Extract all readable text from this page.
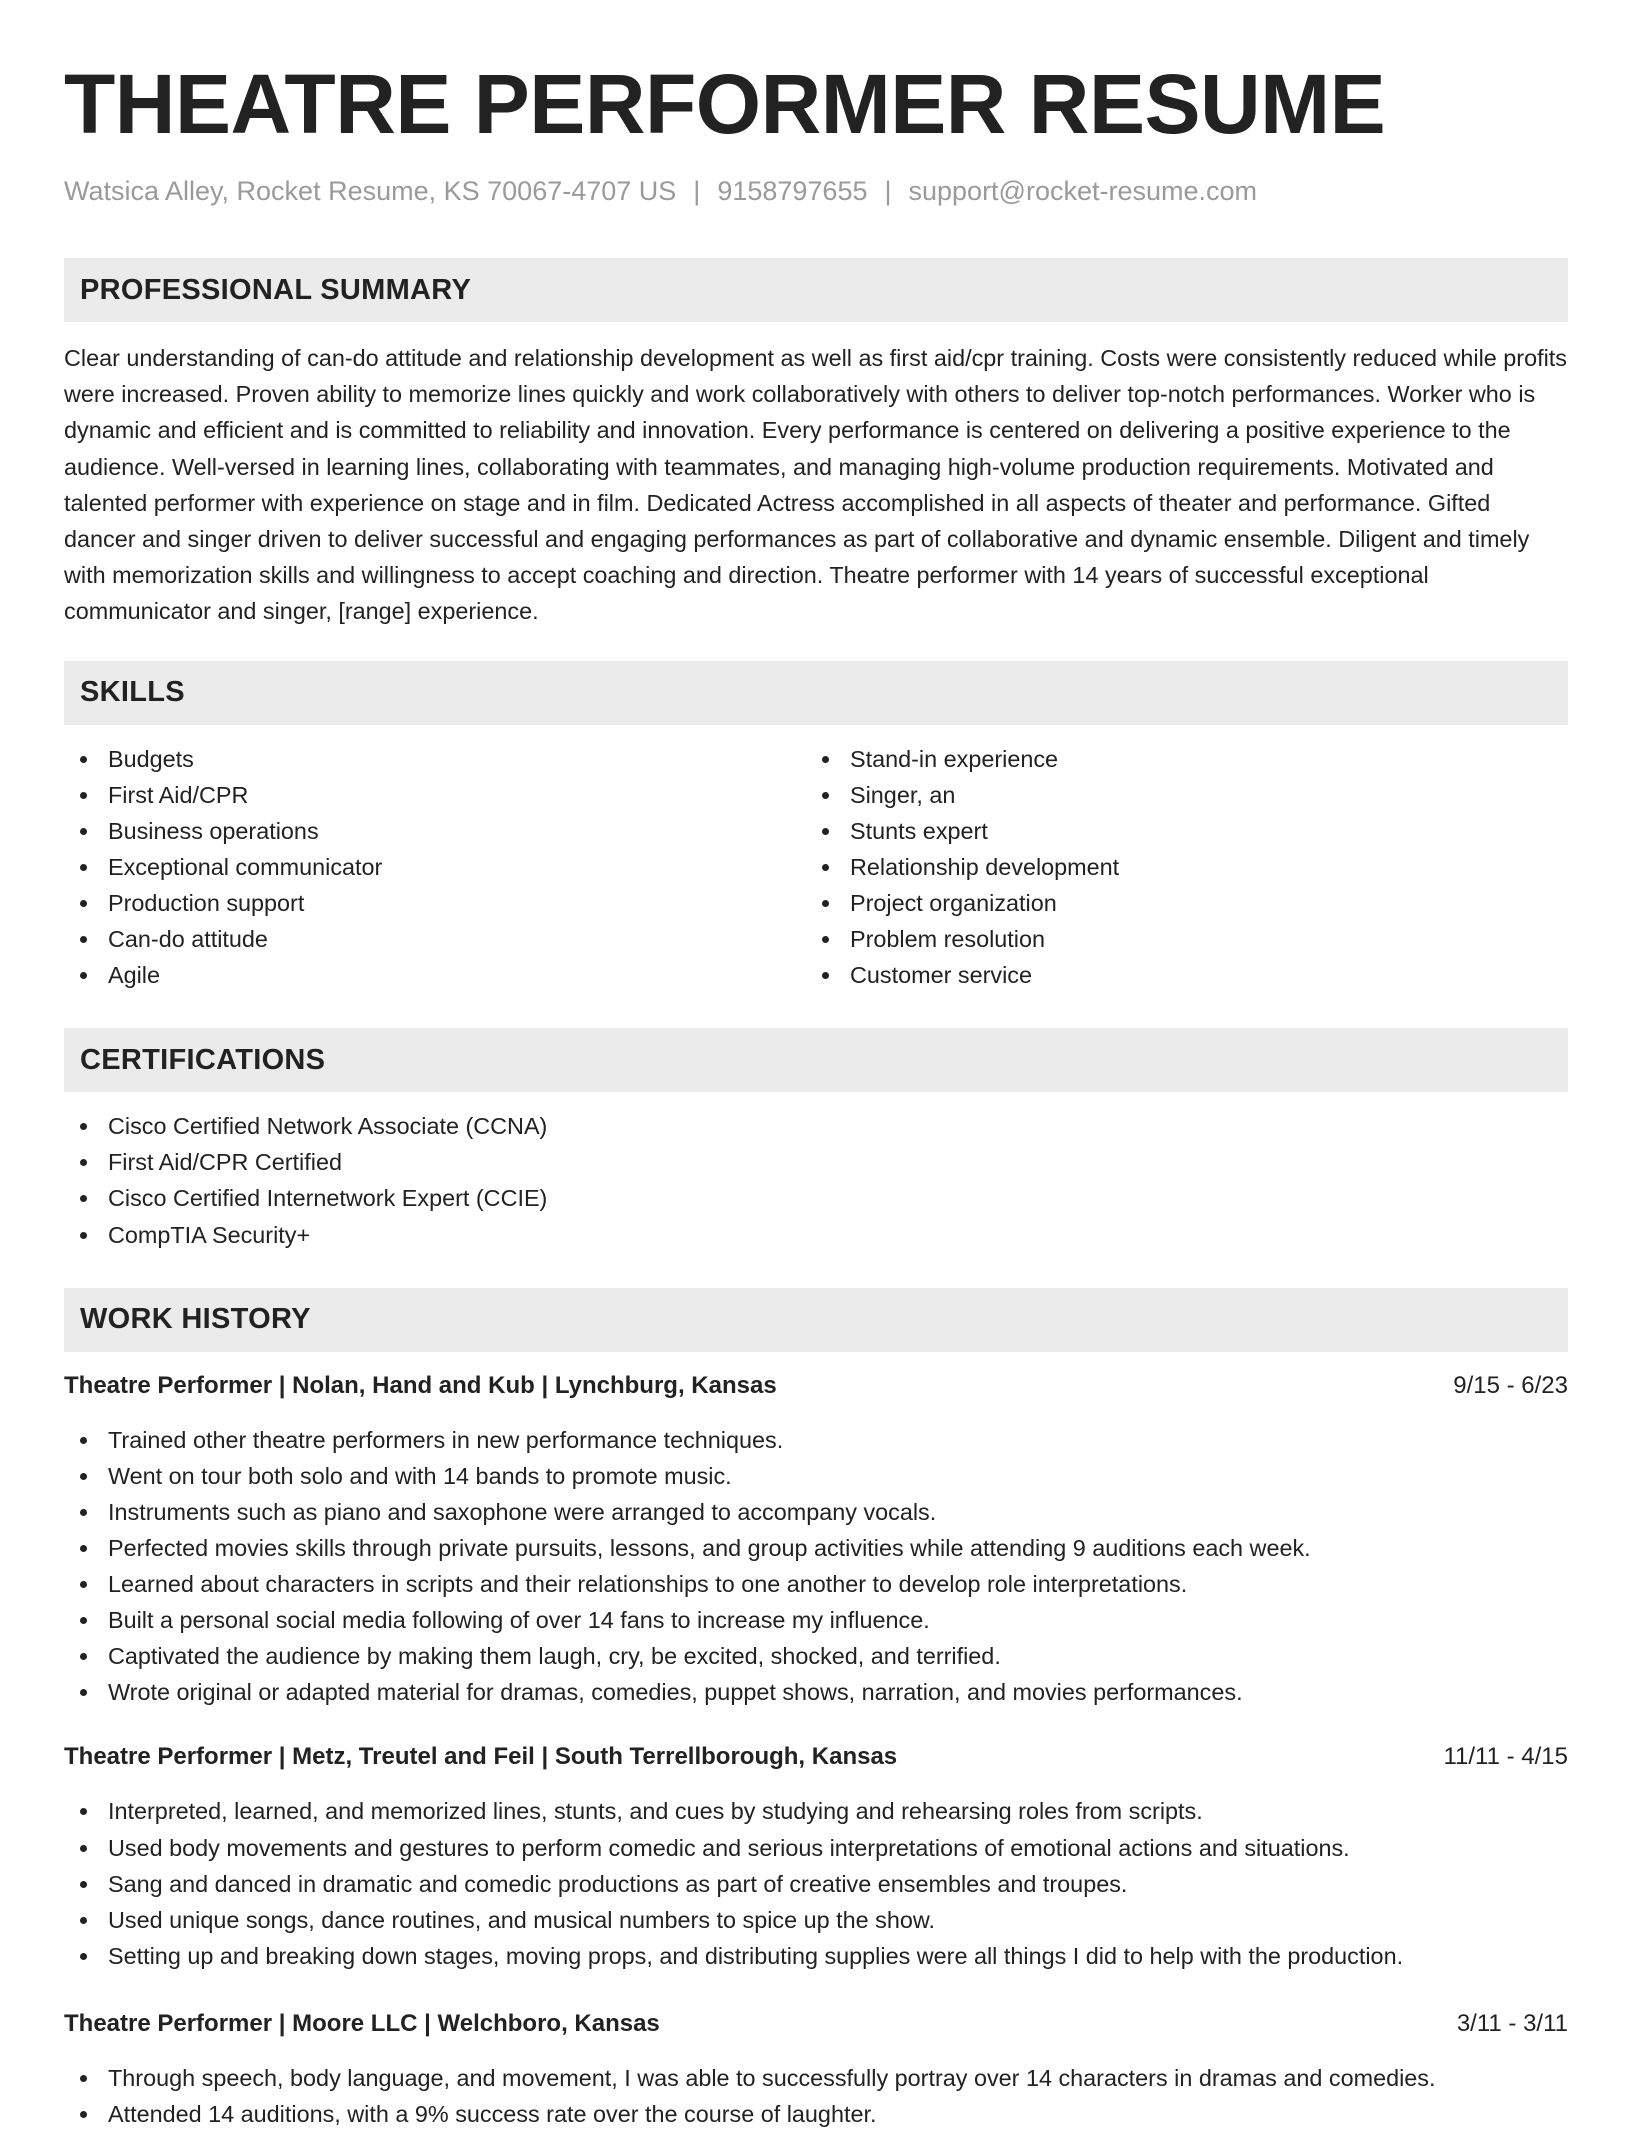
THEATRE PERFORMER RESUME
Watsica Alley, Rocket Resume, KS 70067-4707 US | 9158797655 | support@rocket-resume.com
PROFESSIONAL SUMMARY

Clear understanding of can-do attitude and relationship development as well as first aid/cpr training. Costs were consistently reduced while profits were increased. Proven ability to memorize lines quickly and work collaboratively with others to deliver top-notch performances. Worker who is dynamic and efficient and is committed to reliability and innovation. Every performance is centered on delivering a positive experience to the audience. Well-versed in learning lines, collaborating with teammates, and managing high-volume production requirements. Motivated and talented performer with experience on stage and in film. Dedicated Actress accomplished in all aspects of theater and performance. Gifted dancer and singer driven to deliver successful and engaging performances as part of collaborative and dynamic ensemble. Diligent and timely with memorization skills and willingness to accept coaching and direction. Theatre performer with 14 years of successful exceptional communicator and singer, [range] experience.

SKILLS
Budgets
First Aid/CPR
Business operations
Exceptional communicator
Production support
Can-do attitude
Agile
Stand-in experience
Singer, an
Stunts expert
Relationship development
Project organization
Problem resolution
Customer service
CERTIFICATIONS
Cisco Certified Network Associate (CCNA)
First Aid/CPR Certified
Cisco Certified Internetwork Expert (CCIE)
CompTIA Security+
WORK HISTORY
Theatre Performer | Nolan, Hand and Kub | Lynchburg, Kansas	9/15 - 6/23
Trained other theatre performers in new performance techniques.
Went on tour both solo and with 14 bands to promote music.
Instruments such as piano and saxophone were arranged to accompany vocals.
Perfected movies skills through private pursuits, lessons, and group activities while attending 9 auditions each week.
Learned about characters in scripts and their relationships to one another to develop role interpretations.
Built a personal social media following of over 14 fans to increase my influence.
Captivated the audience by making them laugh, cry, be excited, shocked, and terrified.
Wrote original or adapted material for dramas, comedies, puppet shows, narration, and movies performances.
Theatre Performer | Metz, Treutel and Feil | South Terrellborough, Kansas	11/11 - 4/15
Interpreted, learned, and memorized lines, stunts, and cues by studying and rehearsing roles from scripts.
Used body movements and gestures to perform comedic and serious interpretations of emotional actions and situations.
Sang and danced in dramatic and comedic productions as part of creative ensembles and troupes.
Used unique songs, dance routines, and musical numbers to spice up the show.
Setting up and breaking down stages, moving props, and distributing supplies were all things I did to help with the production.
Theatre Performer | Moore LLC | Welchboro, Kansas	3/11 - 3/11
Through speech, body language, and movement, I was able to successfully portray over 14 characters in dramas and comedies.
Attended 14 auditions, with a 9% success rate over the course of laughter.
